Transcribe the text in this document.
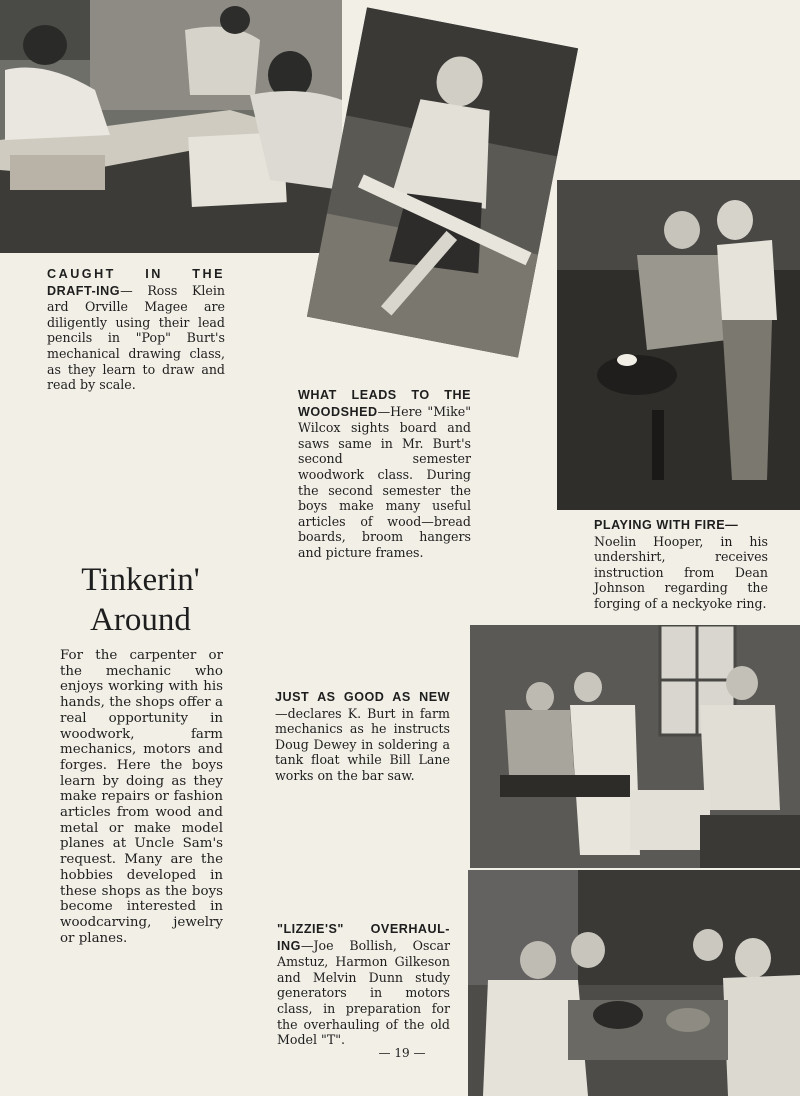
CAUGHT IN THE
DRAFT-ING— Ross Klein ard Orville Magee are diligently using their lead pencils in "Pop" Burt's mechanical drawing class, as they learn to draw and read by scale.
WHAT LEADS TO THE
WOODSHED—Here "Mike" Wilcox sights board and saws same in Mr. Burt's second semester woodwork class. During the second semester the boys make many useful articles of wood—bread boards, broom hangers and picture frames.
PLAYING WITH FIRE—
Noelin Hooper, in his undershirt, receives instruction from Dean Johnson regarding the forging of a neckyoke ring.
JUST AS GOOD AS NEW
—declares K. Burt in farm mechanics as he instructs Doug Dewey in soldering a tank float while Bill Lane works on the bar saw.
"LIZZIE'S" OVERHAUL-
ING—Joe Bollish, Oscar Amstuz, Harmon Gilkeson and Melvin Dunn study generators in motors class, in preparation for the overhauling of the old Model "T".
Tinkerin'
Around
For the carpenter or the mechanic who enjoys working with his hands, the shops offer a real opportunity in woodwork, farm mechanics, motors and forges. Here the boys learn by doing as they make repairs or fashion articles from wood and metal or make model planes at Uncle Sam's request. Many are the hobbies developed in these shops as the boys become interested in woodcarving, jewelry or planes.
— 19 —
